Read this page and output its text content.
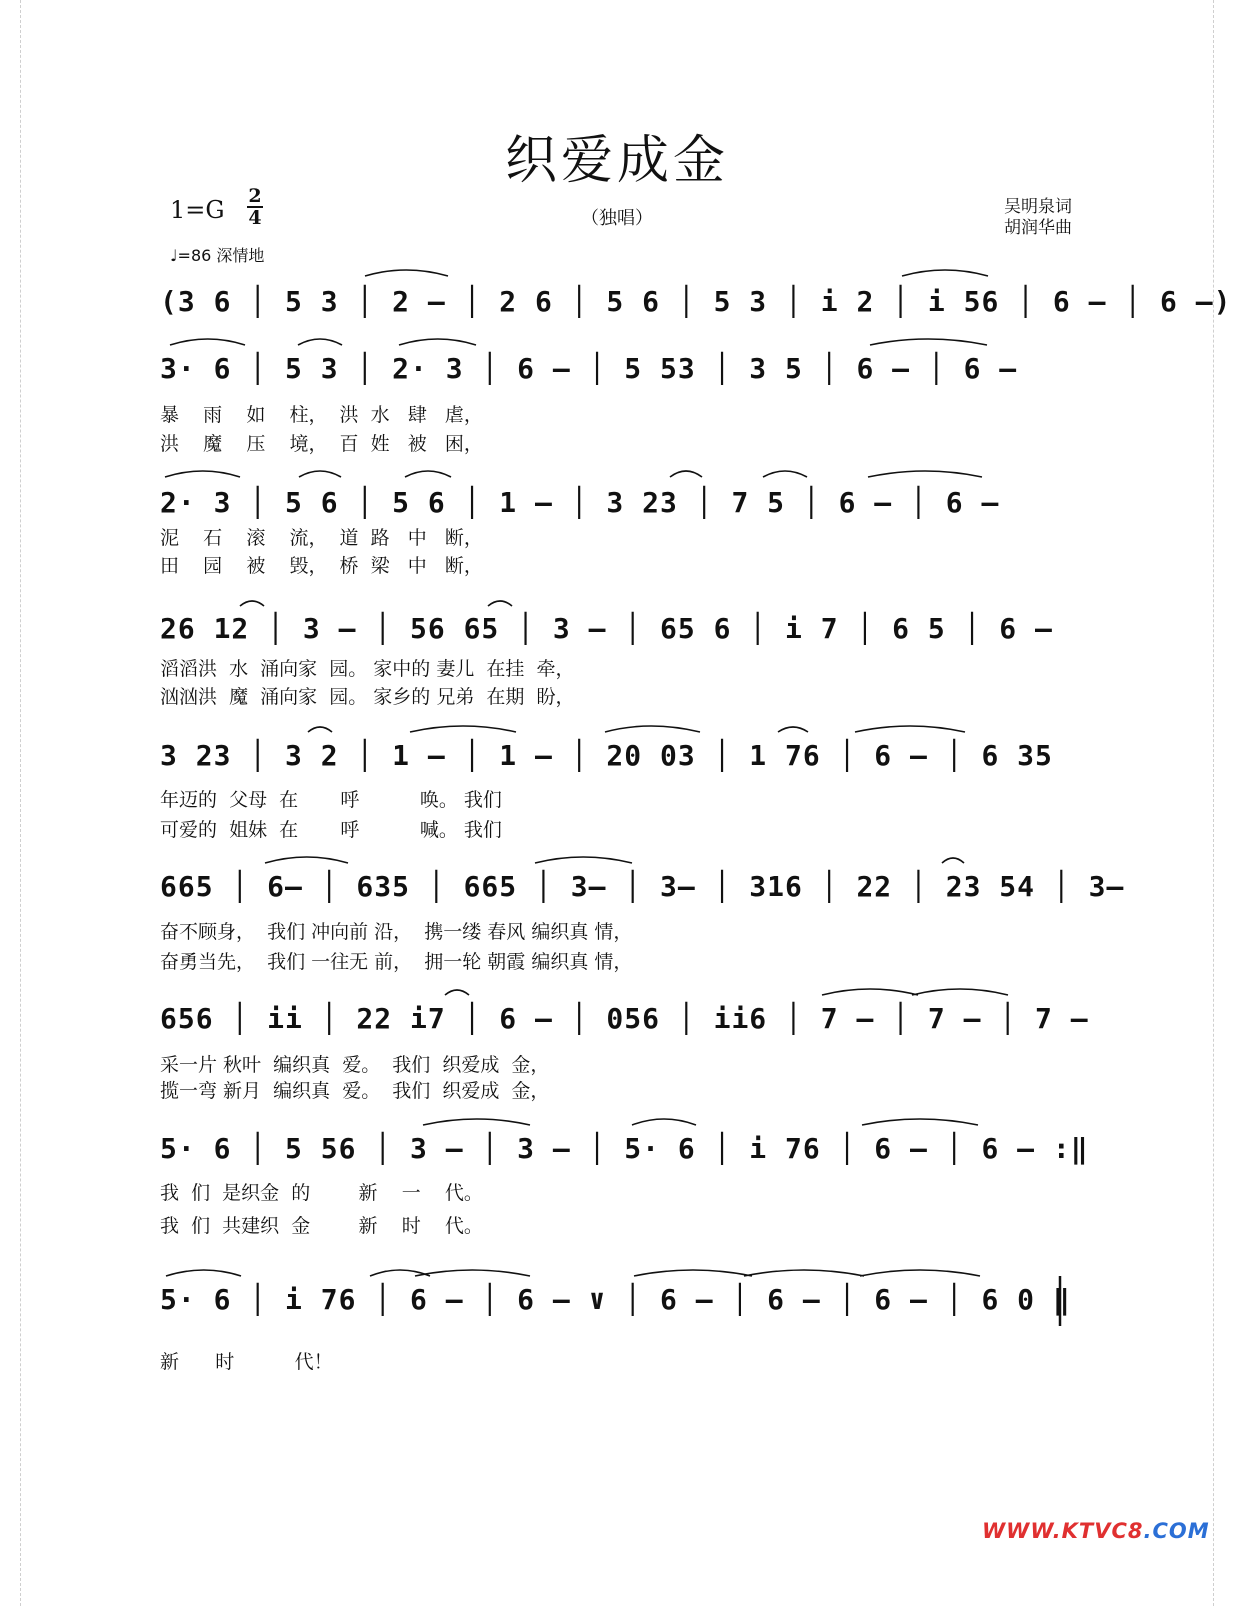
织爱成金
1=G 2
4	（独唱）
吴明泉词
胡润华曲
♩=86 深情地
(3 6 │ 5 3 │ 2 – │ 2 6 │ 5 6 │ 5 3 │ i 2 │ i 56 │ 6 – │ 6 –)
3· 6 │ 5 3 │ 2· 3 │ 6 – │ 5 53 │ 3 5 │ 6 – │ 6 –
暴    雨    如    柱，  洪  水   肆   虐，
洪    魔    压    境，  百  姓   被   困，
2· 3 │ 5 6 │ 5 6 │ 1 – │ 3 23 │ 7 5 │ 6 – │ 6 –
泥    石    滚    流，  道  路   中   断，
田    园    被    毁，  桥  梁   中   断，
26 12 │ 3 – │ 56 65 │ 3 – │ 65 6 │ i 7 │ 6 5 │ 6 –
滔滔洪  水  涌向家  园。 家中的 妻儿  在挂  牵，
汹汹洪  魔  涌向家  园。 家乡的 兄弟  在期  盼，
3 23 │ 3 2 │ 1 – │ 1 – │ 20 03 │ 1 76 │ 6 – │ 6 35
年迈的  父母  在       呼          唤。 我们
可爱的  姐妹  在       呼          喊。 我们
665 │ 6– │ 635 │ 665 │ 3– │ 3– │ 316 │ 22 │ 23 54 │ 3–
奋不顾身，  我们 冲向前 沿，  携一缕 春风 编织真 情，
奋勇当先，  我们 一往无 前，  拥一轮 朝霞 编织真 情，
656 │ ii │ 22 i7 │ 6 – │ 056 │ ii6 │ 7 – │ 7 – │ 7 –
采一片 秋叶  编织真  爱。  我们  织爱成  金，
揽一弯 新月  编织真  爱。  我们  织爱成  金，
5· 6 │ 5 56 │ 3 – │ 3 – │ 5· 6 │ i 76 │ 6 – │ 6 – :‖
我  们  是织金  的        新    一    代。
我  们  共建织  金        新    时    代。
5· 6 │ i 76 │ 6 – │ 6 – ∨ │ 6 – │ 6 – │ 6 – │ 6 0 ‖
新      时          代！
WWW.KTVC8.COM
